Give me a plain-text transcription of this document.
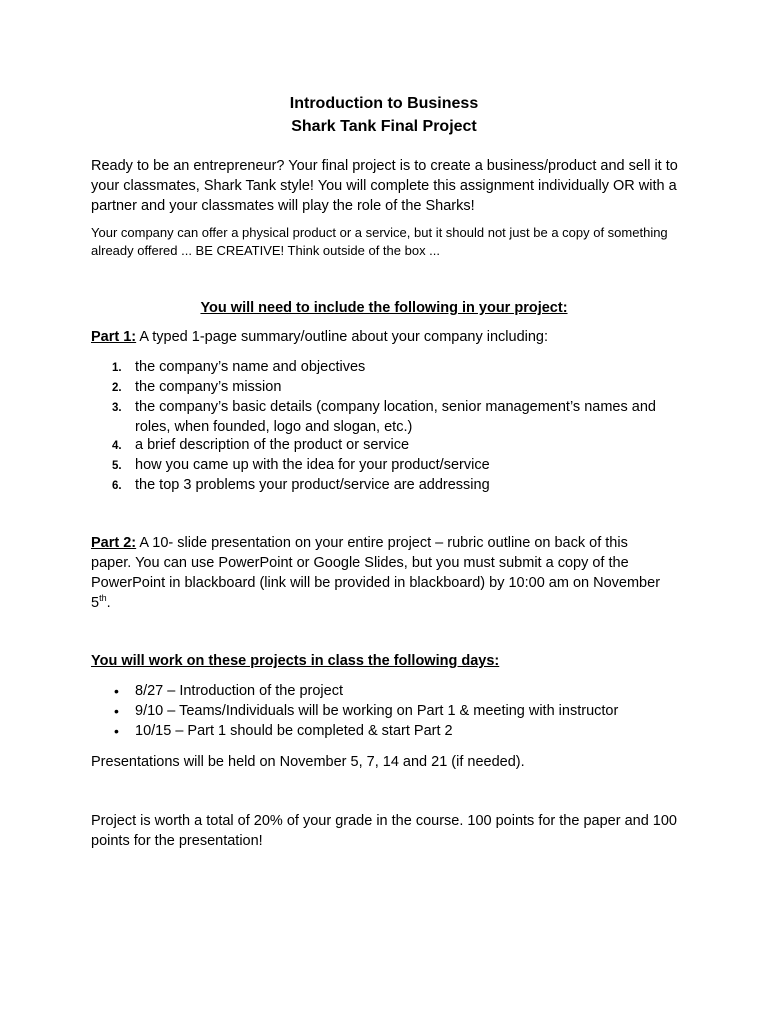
Introduction to Business
Shark Tank Final Project
Ready to be an entrepreneur? Your final project is to create a business/product and sell it to your classmates, Shark Tank style! You will complete this assignment individually OR with a partner and your classmates will play the role of the Sharks!
Your company can offer a physical product or a service, but it should not just be a copy of something already offered ... BE CREATIVE! Think outside of the box ...
You will need to include the following in your project:
Part 1: A typed 1-page summary/outline about your company including:
1. the company’s name and objectives
2. the company’s mission
3. the company’s basic details (company location, senior management’s names and roles, when founded, logo and slogan, etc.)
4. a brief description of the product or service
5. how you came up with the idea for your product/service
6. the top 3 problems your product/service are addressing
Part 2: A 10- slide presentation on your entire project – rubric outline on back of this paper. You can use PowerPoint or Google Slides, but you must submit a copy of the PowerPoint in blackboard (link will be provided in blackboard) by 10:00 am on November 5th.
You will work on these projects in class the following days:
• 8/27 – Introduction of the project
• 9/10 – Teams/Individuals will be working on Part 1 & meeting with instructor
• 10/15 – Part 1 should be completed & start Part 2
Presentations will be held on November 5, 7, 14 and 21 (if needed).
Project is worth a total of 20% of your grade in the course. 100 points for the paper and 100 points for the presentation!
